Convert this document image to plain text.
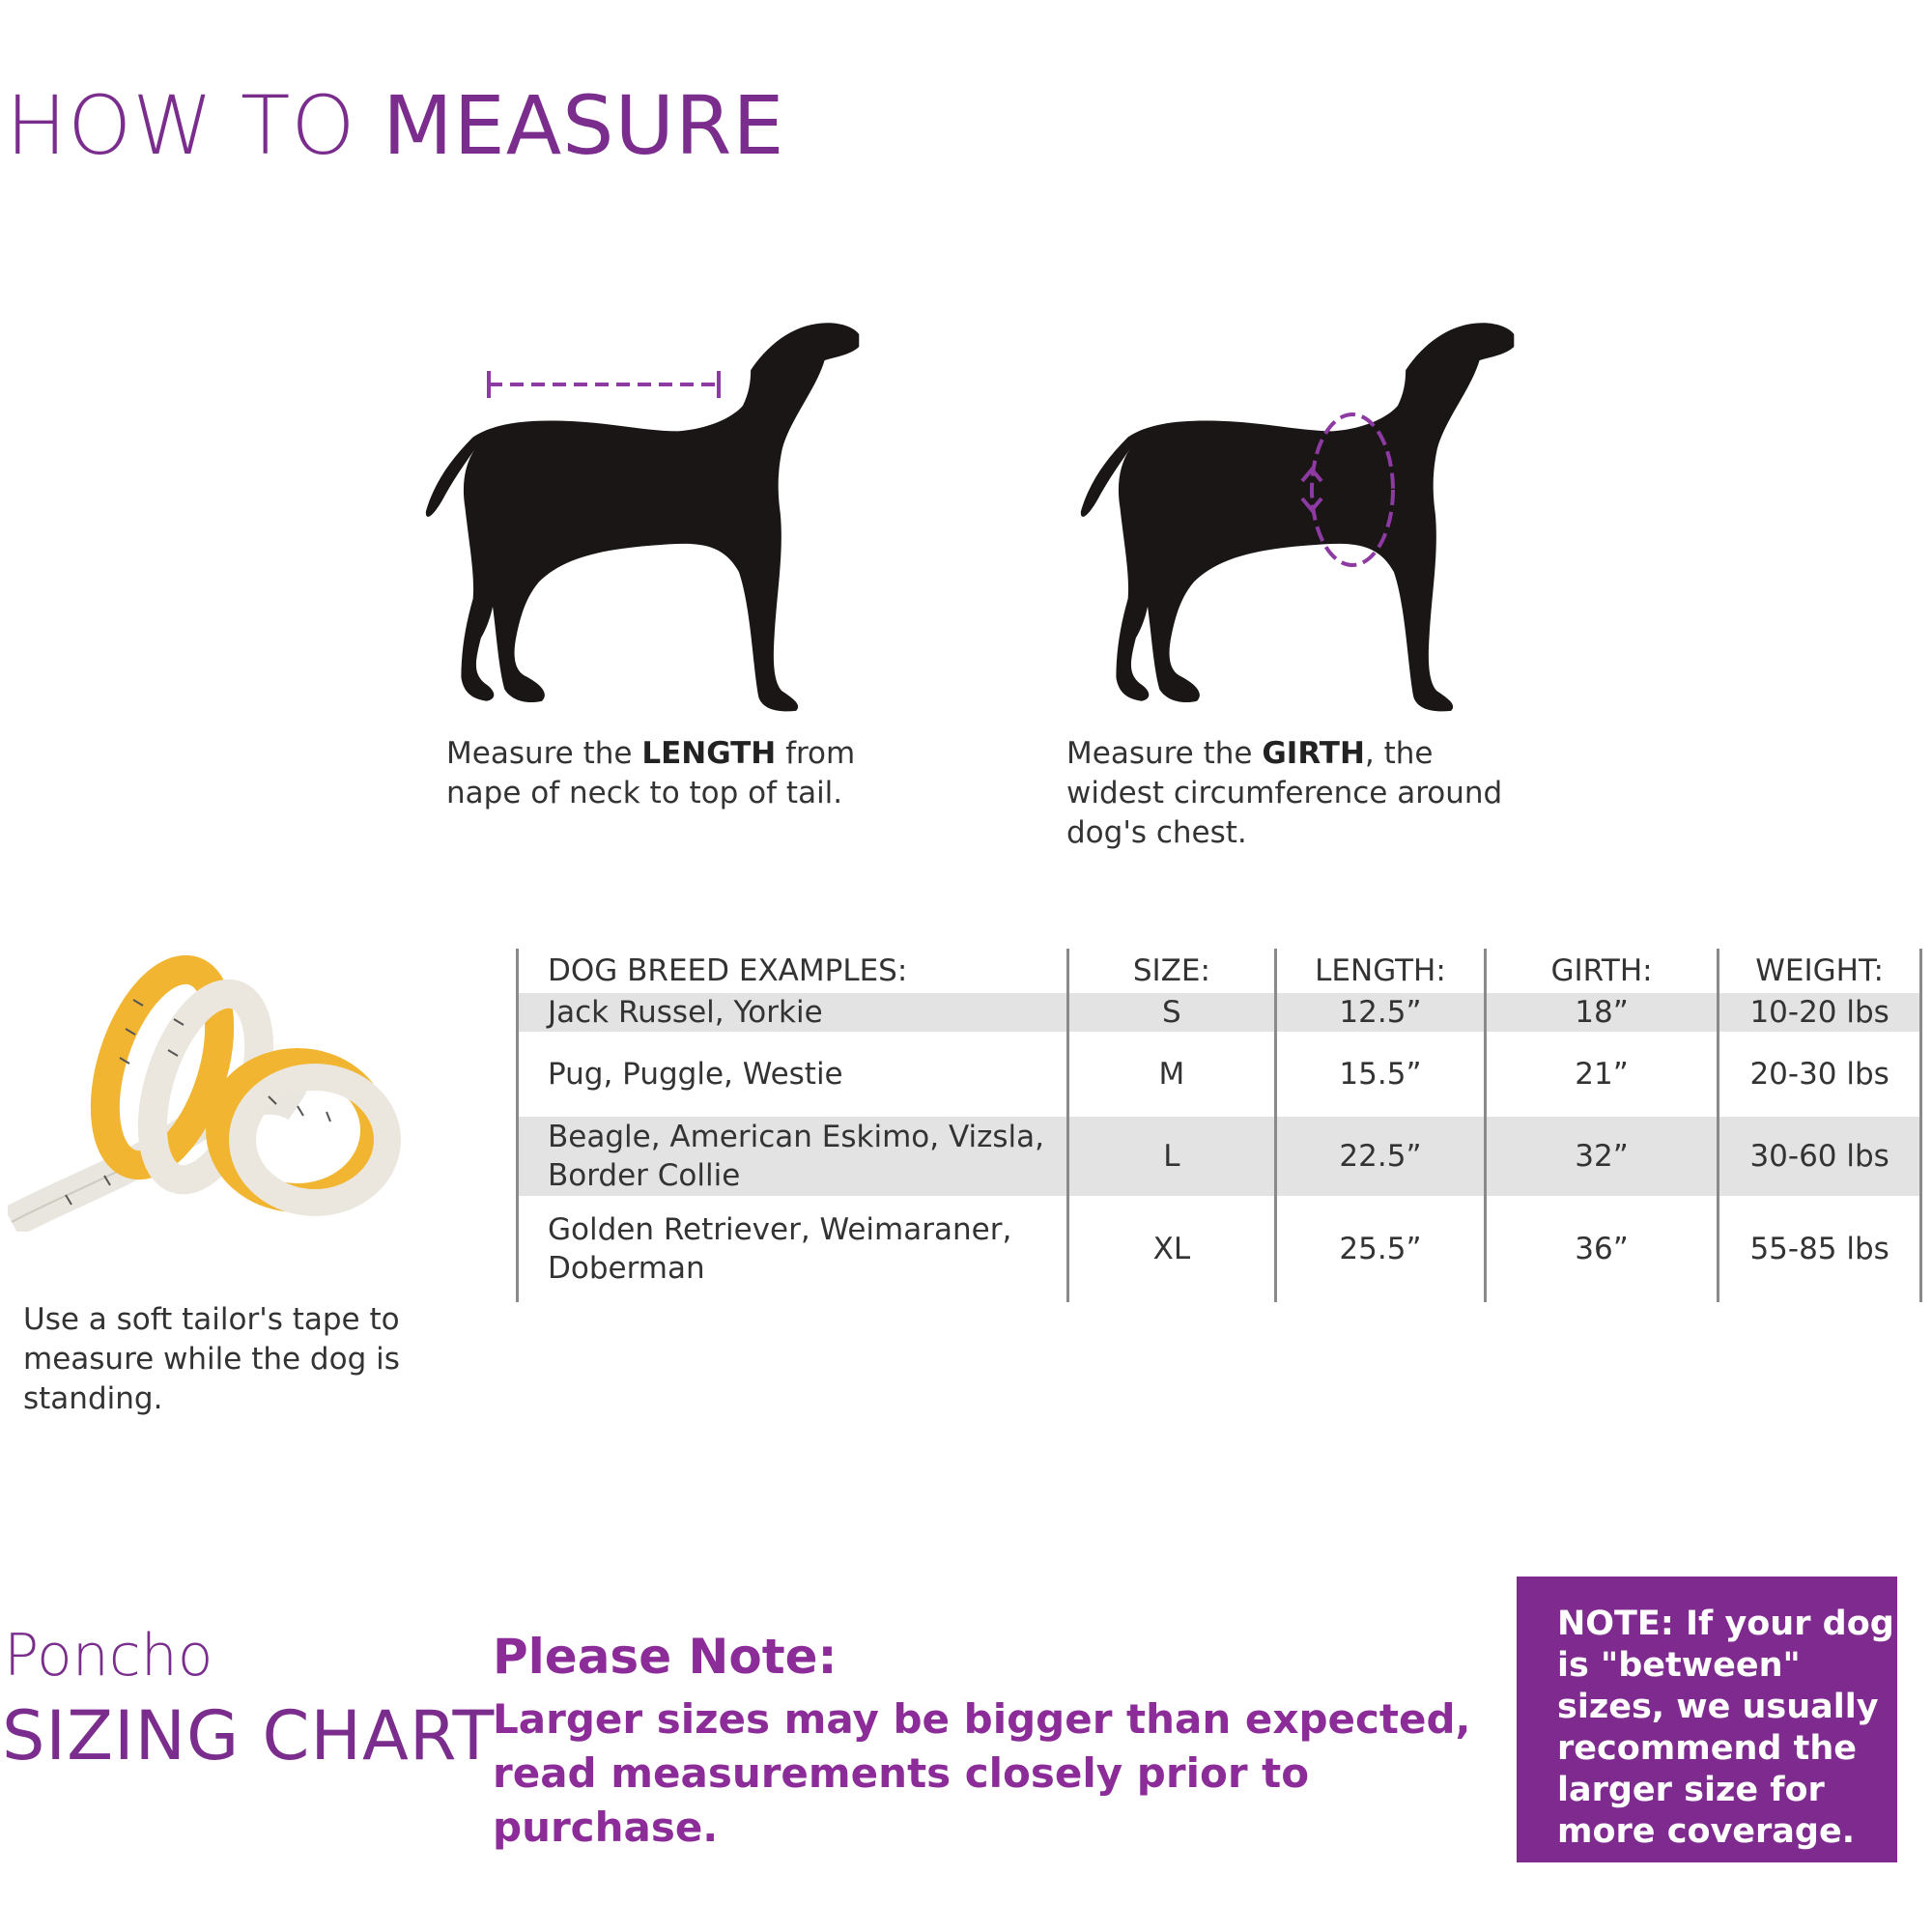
HOW TO MEASURE
Measure the LENGTH from nape of neck to top of tail.
Measure the GIRTH, the widest circumference around dog's chest.
Use a soft tailor's tape to measure while the dog is standing.
DOG BREED EXAMPLES:	SIZE:	LENGTH:	GIRTH:	WEIGHT:
Jack Russel, Yorkie	S	12.5”	18”	10-20 lbs
Pug, Puggle, Westie	M	15.5”	21”	20-30 lbs
Beagle, American Eskimo, Vizsla, Border Collie	L	22.5”	32”	30-60 lbs
Golden Retriever, Weimaraner, Doberman	XL	25.5”	36”	55-85 lbs
Poncho
SIZING CHART
Please Note:
Larger sizes may be bigger than expected, read measurements closely prior to purchase.
NOTE: If your dog is "between" sizes, we usually recommend the larger size for more coverage.
